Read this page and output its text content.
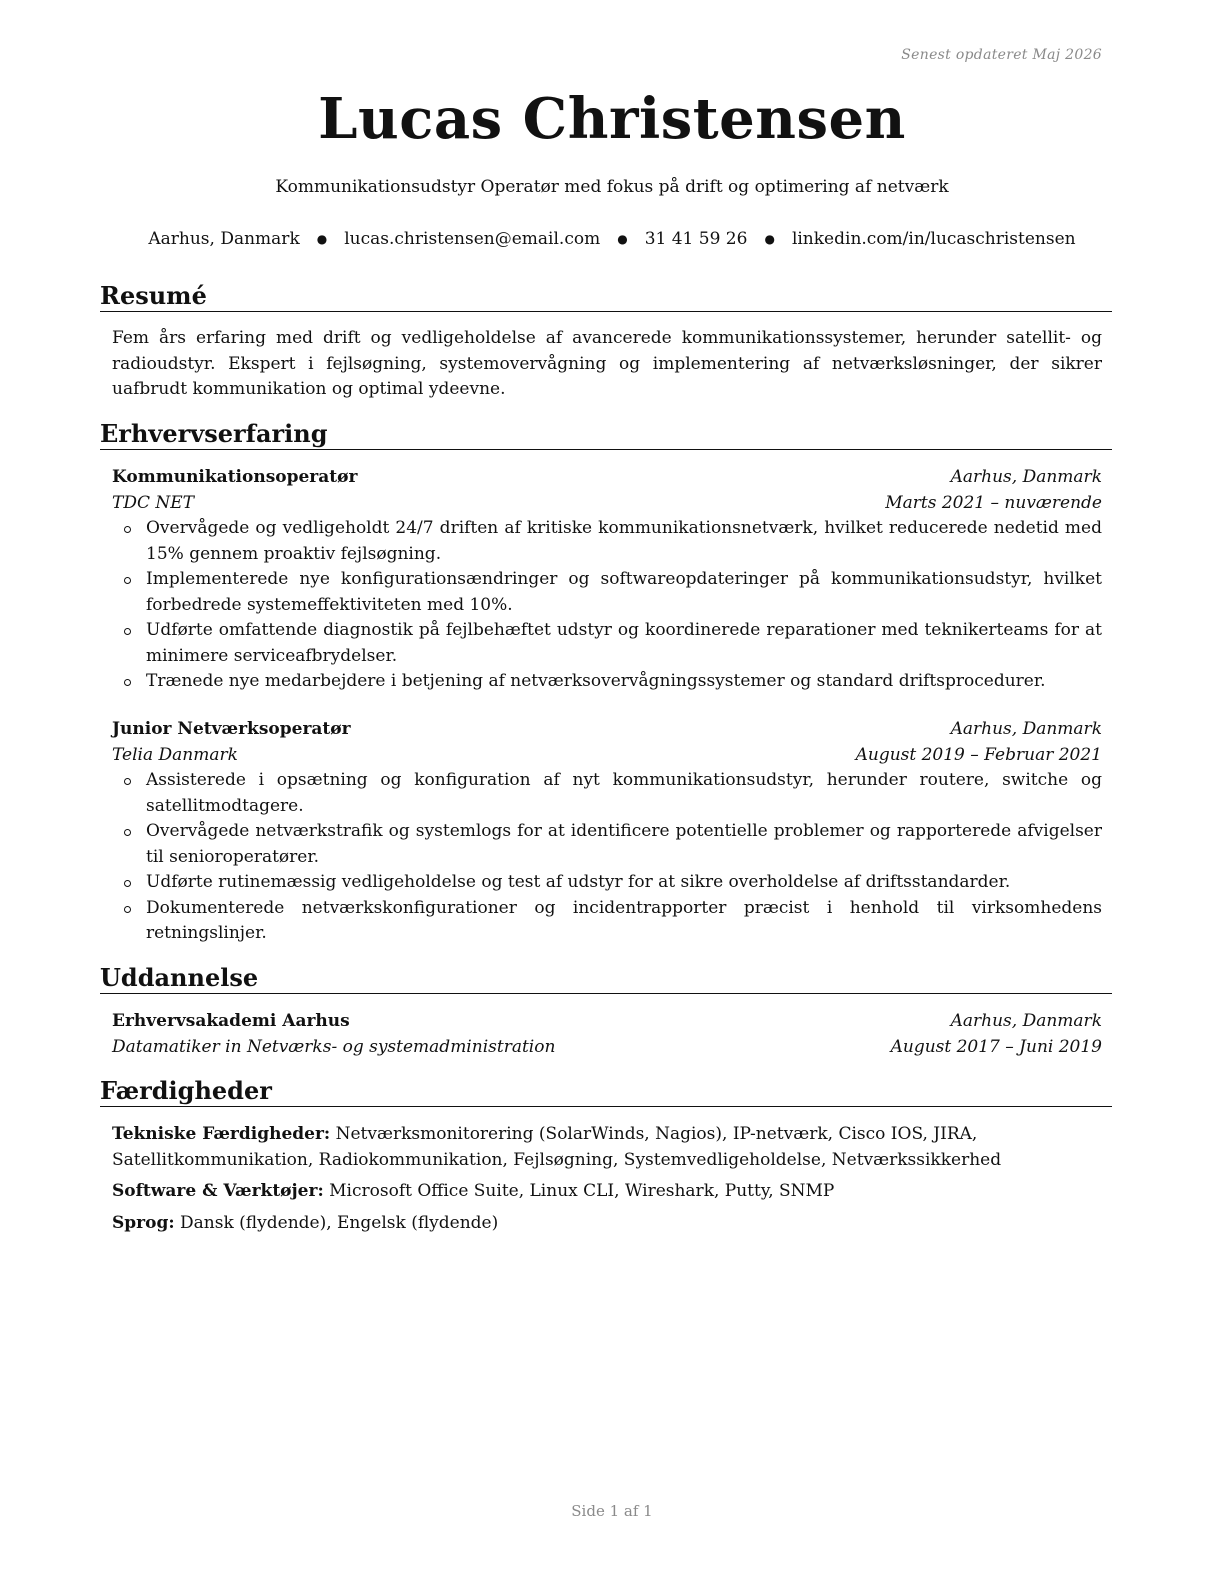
Senest opdateret Maj 2026
Lucas Christensen
Kommunikationsudstyr Operatør med fokus på drift og optimering af netværk
Aarhus, Danmark ● lucas.christensen@email.com ● 31 41 59 26 ● linkedin.com/in/lucaschristensen
Resumé
Fem års erfaring med drift og vedligeholdelse af avancerede kommunikationssystemer, herunder satellit- og radioudstyr. Ekspert i fejlsøgning, systemovervågning og implementering af netværksløsninger, der sikrer uafbrudt kommunikation og optimal ydeevne.
Erhvervserfaring
Kommunikationsoperatør	Aarhus, Danmark
TDC NET	Marts 2021 – nuværende
Overvågede og vedligeholdt 24/7 driften af kritiske kommunikationsnetværk, hvilket reducerede nedetid med 15% gennem proaktiv fejlsøgning.
Implementerede nye konfigurationsændringer og softwareopdateringer på kommunikationsudstyr, hvilket forbedrede systemeffektiviteten med 10%.
Udførte omfattende diagnostik på fejlbehæftet udstyr og koordinerede reparationer med teknikerteams for at minimere serviceafbrydelser.
Trænede nye medarbejdere i betjening af netværksovervågningssystemer og standard driftsprocedurer.
Junior Netværksoperatør	Aarhus, Danmark
Telia Danmark	August 2019 – Februar 2021
Assisterede i opsætning og konfiguration af nyt kommunikationsudstyr, herunder routere, switche og satellitmodtagere.
Overvågede netværkstrafik og systemlogs for at identificere potentielle problemer og rapporterede afvigelser til senioroperatører.
Udførte rutinemæssig vedligeholdelse og test af udstyr for at sikre overholdelse af driftsstandarder.
Dokumenterede netværkskonfigurationer og incidentrapporter præcist i henhold til virksomhedens retningslinjer.
Uddannelse
Erhvervsakademi Aarhus	Aarhus, Danmark
Datamatiker in Netværks- og systemadministration	August 2017 – Juni 2019
Færdigheder
Tekniske Færdigheder: Netværksmonitorering (SolarWinds, Nagios), IP-netværk, Cisco IOS, JIRA, Satellitkommunikation, Radiokommunikation, Fejlsøgning, Systemvedligeholdelse, Netværkssikkerhed
Software & Værktøjer: Microsoft Office Suite, Linux CLI, Wireshark, Putty, SNMP
Sprog: Dansk (flydende), Engelsk (flydende)
Side 1 af 1
